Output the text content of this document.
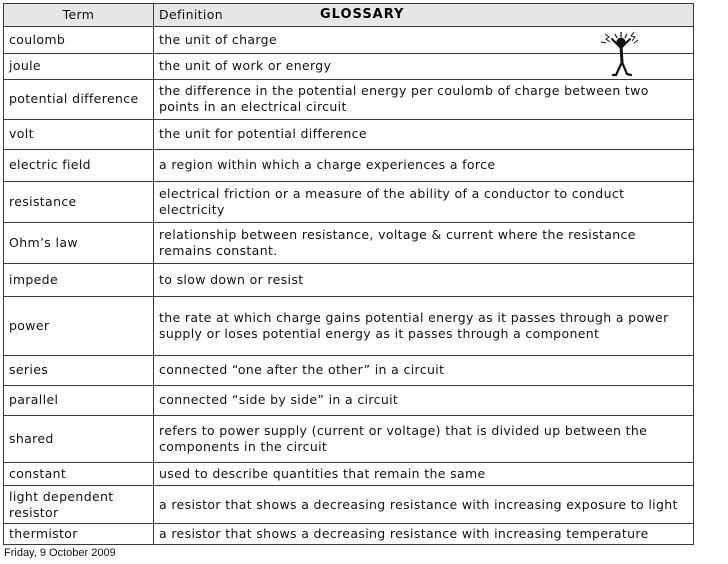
Term	Definition
coulomb	the unit of charge
joule	the unit of work or energy
potential difference	the difference in the potential energy per coulomb of charge between two points in an electrical circuit
volt	the unit for potential difference
electric field	a region within which a charge experiences a force
resistance	electrical friction or a measure of the ability of a conductor to conduct electricity
Ohm’s law	relationship between resistance, voltage & current where the resistance remains constant.
impede	to slow down or resist
power	the rate at which charge gains potential energy as it passes through a power supply or loses potential energy as it passes through a component
series	connected “one after the other” in a circuit
parallel	connected “side by side” in a circuit
shared	refers to power supply (current or voltage) that is divided up between the components in the circuit
constant	used to describe quantities that remain the same
light dependent resistor	a resistor that shows a decreasing resistance with increasing exposure to light
thermistor	a resistor that shows a decreasing resistance with increasing temperature
GLOSSARY
Friday, 9 October 2009
